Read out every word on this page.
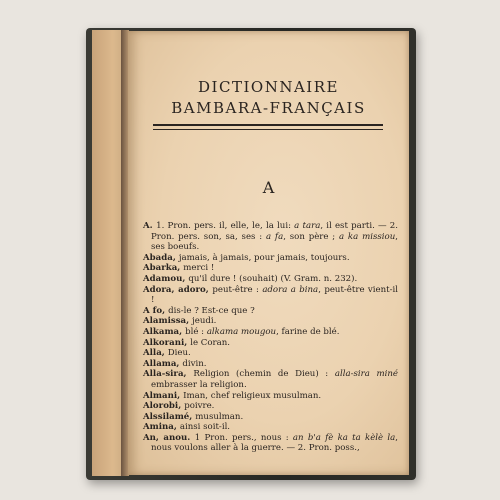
DICTIONNAIRE
BAMBARA-FRANÇAIS
A

A. 1. Pron. pers. il, elle, le, la lui: a tara, il est parti. — 2. Pron. pers. son, sa, ses : a fa, son père ; a ka missiou, ses boeufs.

Abada, jamais, à jamais, pour jamais, toujours.

Abarka, merci !

Adamou, qu'il dure ! (souhait) (V. Gram. n. 232).

Adora, adoro, peut-être : adora a bina, peut-être vient-il !

A fo, dis-le ? Est-ce que ?

Alamissa, jeudi.

Alkama, blé : alkama mougou, farine de blé.

Alkorani, le Coran.

Alla, Dieu.

Allama, divin.

Alla-sira, Religion (chemin de Dieu) : alla-sira miné embrasser la religion.

Almani, Iman, chef religieux musulman.

Alorobi, poivre.

Alssilamé, musulman.

Amina, ainsi soit-il.

An, anou. 1 Pron. pers., nous : an b'a fè ka ta kèlè la, nous voulons aller à la guerre. — 2. Pron. poss.,
